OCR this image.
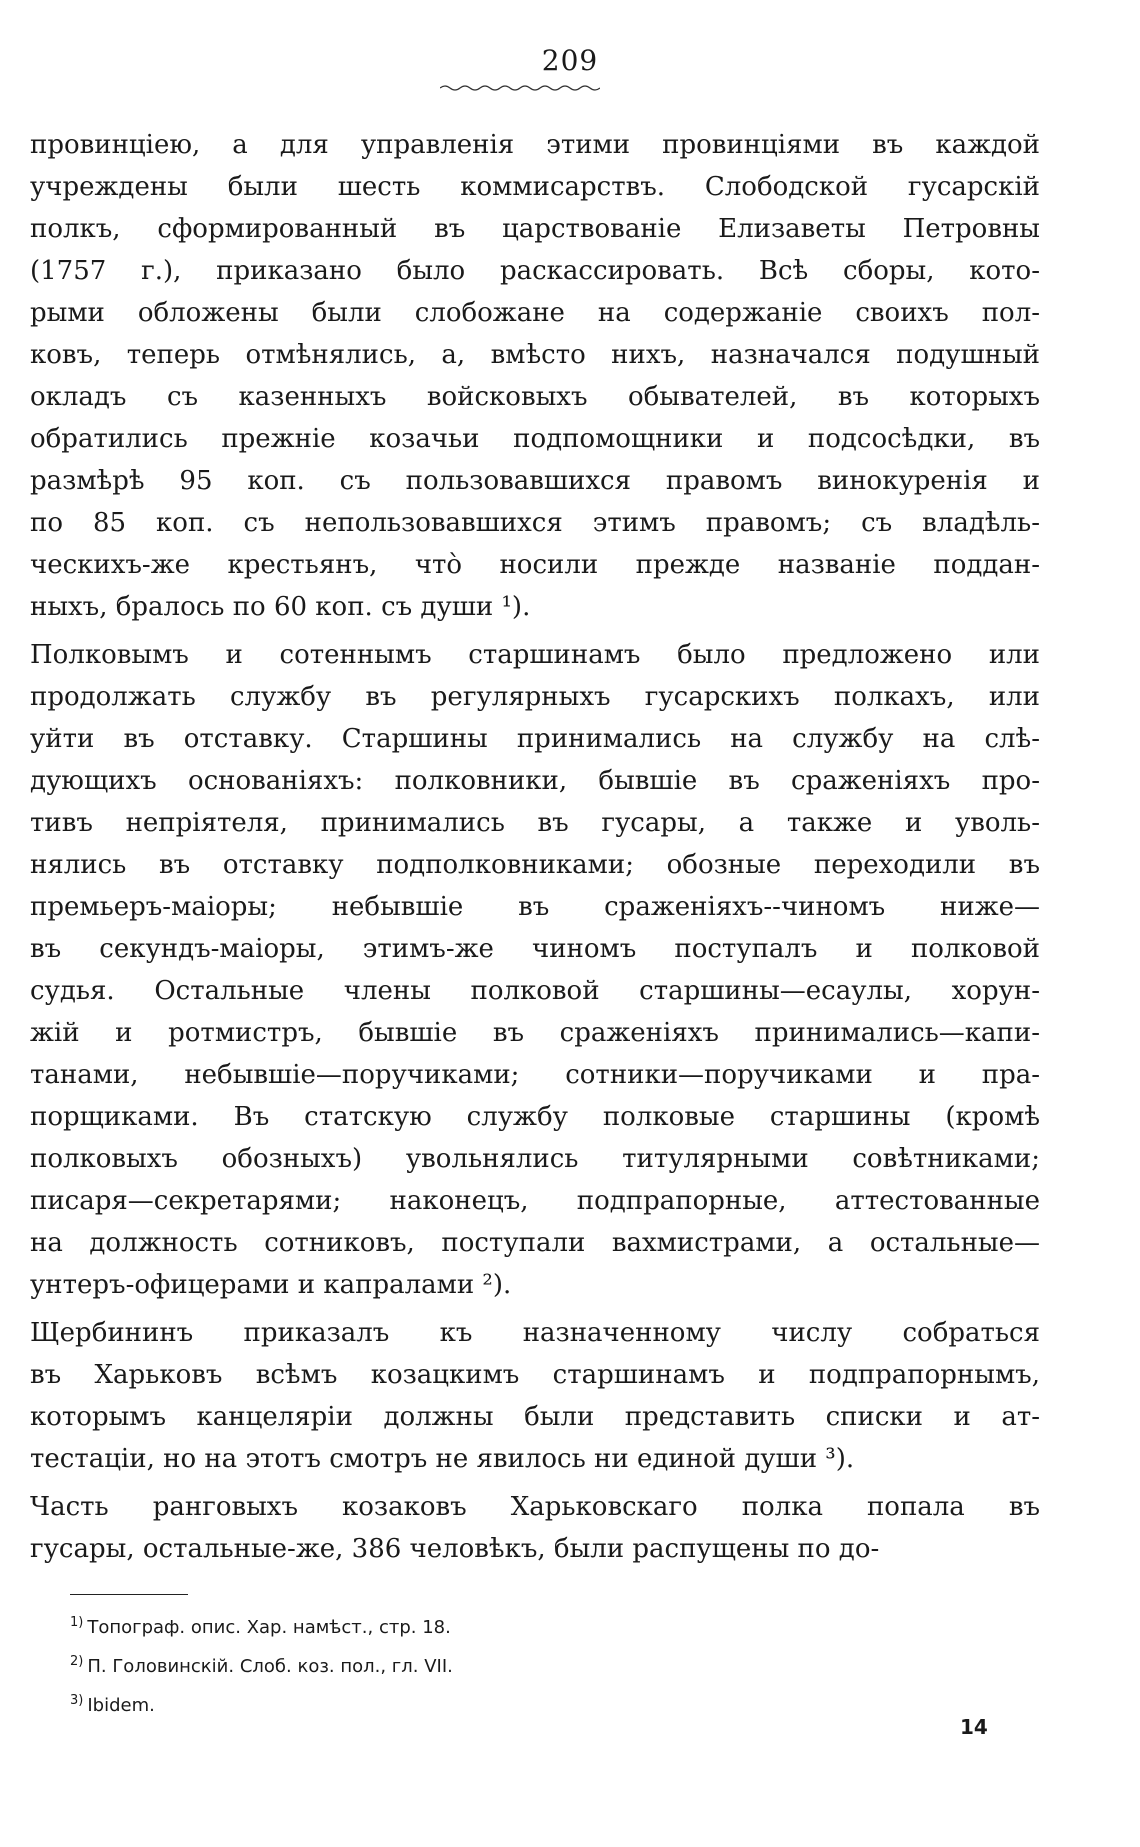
209
провинціею, а для управленія этими провинціями въ каждой
учреждены были шесть коммисарствъ. Слободской гусарскій
полкъ, сформированный въ царствованіе Елизаветы Петровны
(1757 г.), приказано было раскассировать. Всѣ сборы, кото-
рыми обложены были слобожане на содержаніе своихъ пол-
ковъ, теперь отмѣнялись, а, вмѣсто нихъ, назначался подушный
окладъ съ казенныхъ войсковыхъ обывателей, въ которыхъ
обратились прежніе козачьи подпомощники и подсосѣдки, въ
размѣрѣ 95 коп. съ пользовавшихся правомъ винокуренія и
по 85 коп. съ непользовавшихся этимъ правомъ; съ владѣль-
ческихъ-же крестьянъ, что̀ носили прежде названіе поддан-
ныхъ, бралось по 60 коп. съ души ¹).
Полковымъ и сотеннымъ старшинамъ было предложено или
продолжать службу въ регулярныхъ гусарскихъ полкахъ, или
уйти въ отставку. Старшины принимались на службу на слѣ-
дующихъ основаніяхъ: полковники, бывшіе въ сраженіяхъ про-
тивъ непріятеля, принимались въ гусары, а также и уволь-
нялись въ отставку подполковниками; обозные переходили въ
премьеръ-маіоры; небывшіе въ сраженіяхъ--чиномъ ниже—
въ секундъ-маіоры, этимъ-же чиномъ поступалъ и полковой
судья. Остальные члены полковой старшины—есаулы, хорун-
жій и ротмистръ, бывшіе въ сраженіяхъ принимались—капи-
танами, небывшіе—поручиками; сотники—поручиками и пра-
порщиками. Въ статскую службу полковые старшины (кромѣ
полковыхъ обозныхъ) увольнялись титулярными совѣтниками;
писаря—секретарями; наконецъ, подпрапорные, аттестованные
на должность сотниковъ, поступали вахмистрами, а остальные—
унтеръ-офицерами и капралами ²).
Щербининъ приказалъ къ назначенному числу собраться
въ Харьковъ всѣмъ козацкимъ старшинамъ и подпрапорнымъ,
которымъ канцеляріи должны были представить списки и ат-
тестаціи, но на этотъ смотръ не явилось ни единой души ³).
Часть ранговыхъ козаковъ Харьковскаго полка попала въ
гусары, остальные-же, 386 человѣкъ, были распущены по до-
$^{1)}$ Топограф. опис. Хар. намѣст., стр. 18.
$^{2)}$ П. Головинскій. Слоб. коз. пол., гл. VII.
$^{3)}$ Ibidem.
14
